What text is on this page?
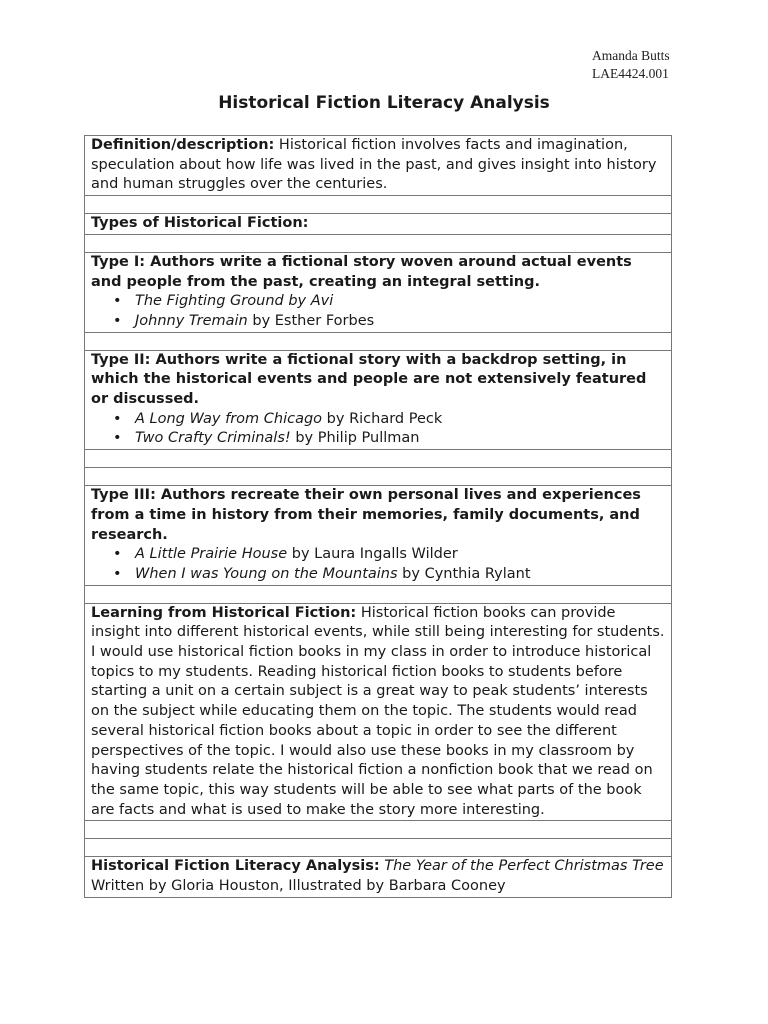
Amanda Butts
LAE4424.001
Historical Fiction Literacy Analysis
Definition/description: Historical fiction involves facts and imagination, speculation about how life was lived in the past, and gives insight into history and human struggles over the centuries.
Types of Historical Fiction:
Type I: Authors write a fictional story woven around actual events and people from the past, creating an integral setting.
• The Fighting Ground by Avi
• Johnny Tremain by Esther Forbes
Type II: Authors write a fictional story with a backdrop setting, in which the historical events and people are not extensively featured or discussed.
• A Long Way from Chicago by Richard Peck
• Two Crafty Criminals! by Philip Pullman
Type III: Authors recreate their own personal lives and experiences from a time in history from their memories, family documents, and research.
• A Little Prairie House by Laura Ingalls Wilder
• When I was Young on the Mountains by Cynthia Rylant
Learning from Historical Fiction: Historical fiction books can provide insight into different historical events, while still being interesting for students. I would use historical fiction books in my class in order to introduce historical topics to my students. Reading historical fiction books to students before starting a unit on a certain subject is a great way to peak students’ interests on the subject while educating them on the topic. The students would read several historical fiction books about a topic in order to see the different perspectives of the topic. I would also use these books in my classroom by having students relate the historical fiction a nonfiction book that we read on the same topic, this way students will be able to see what parts of the book are facts and what is used to make the story more interesting.
Historical Fiction Literacy Analysis: The Year of the Perfect Christmas Tree Written by Gloria Houston, Illustrated by Barbara Cooney
